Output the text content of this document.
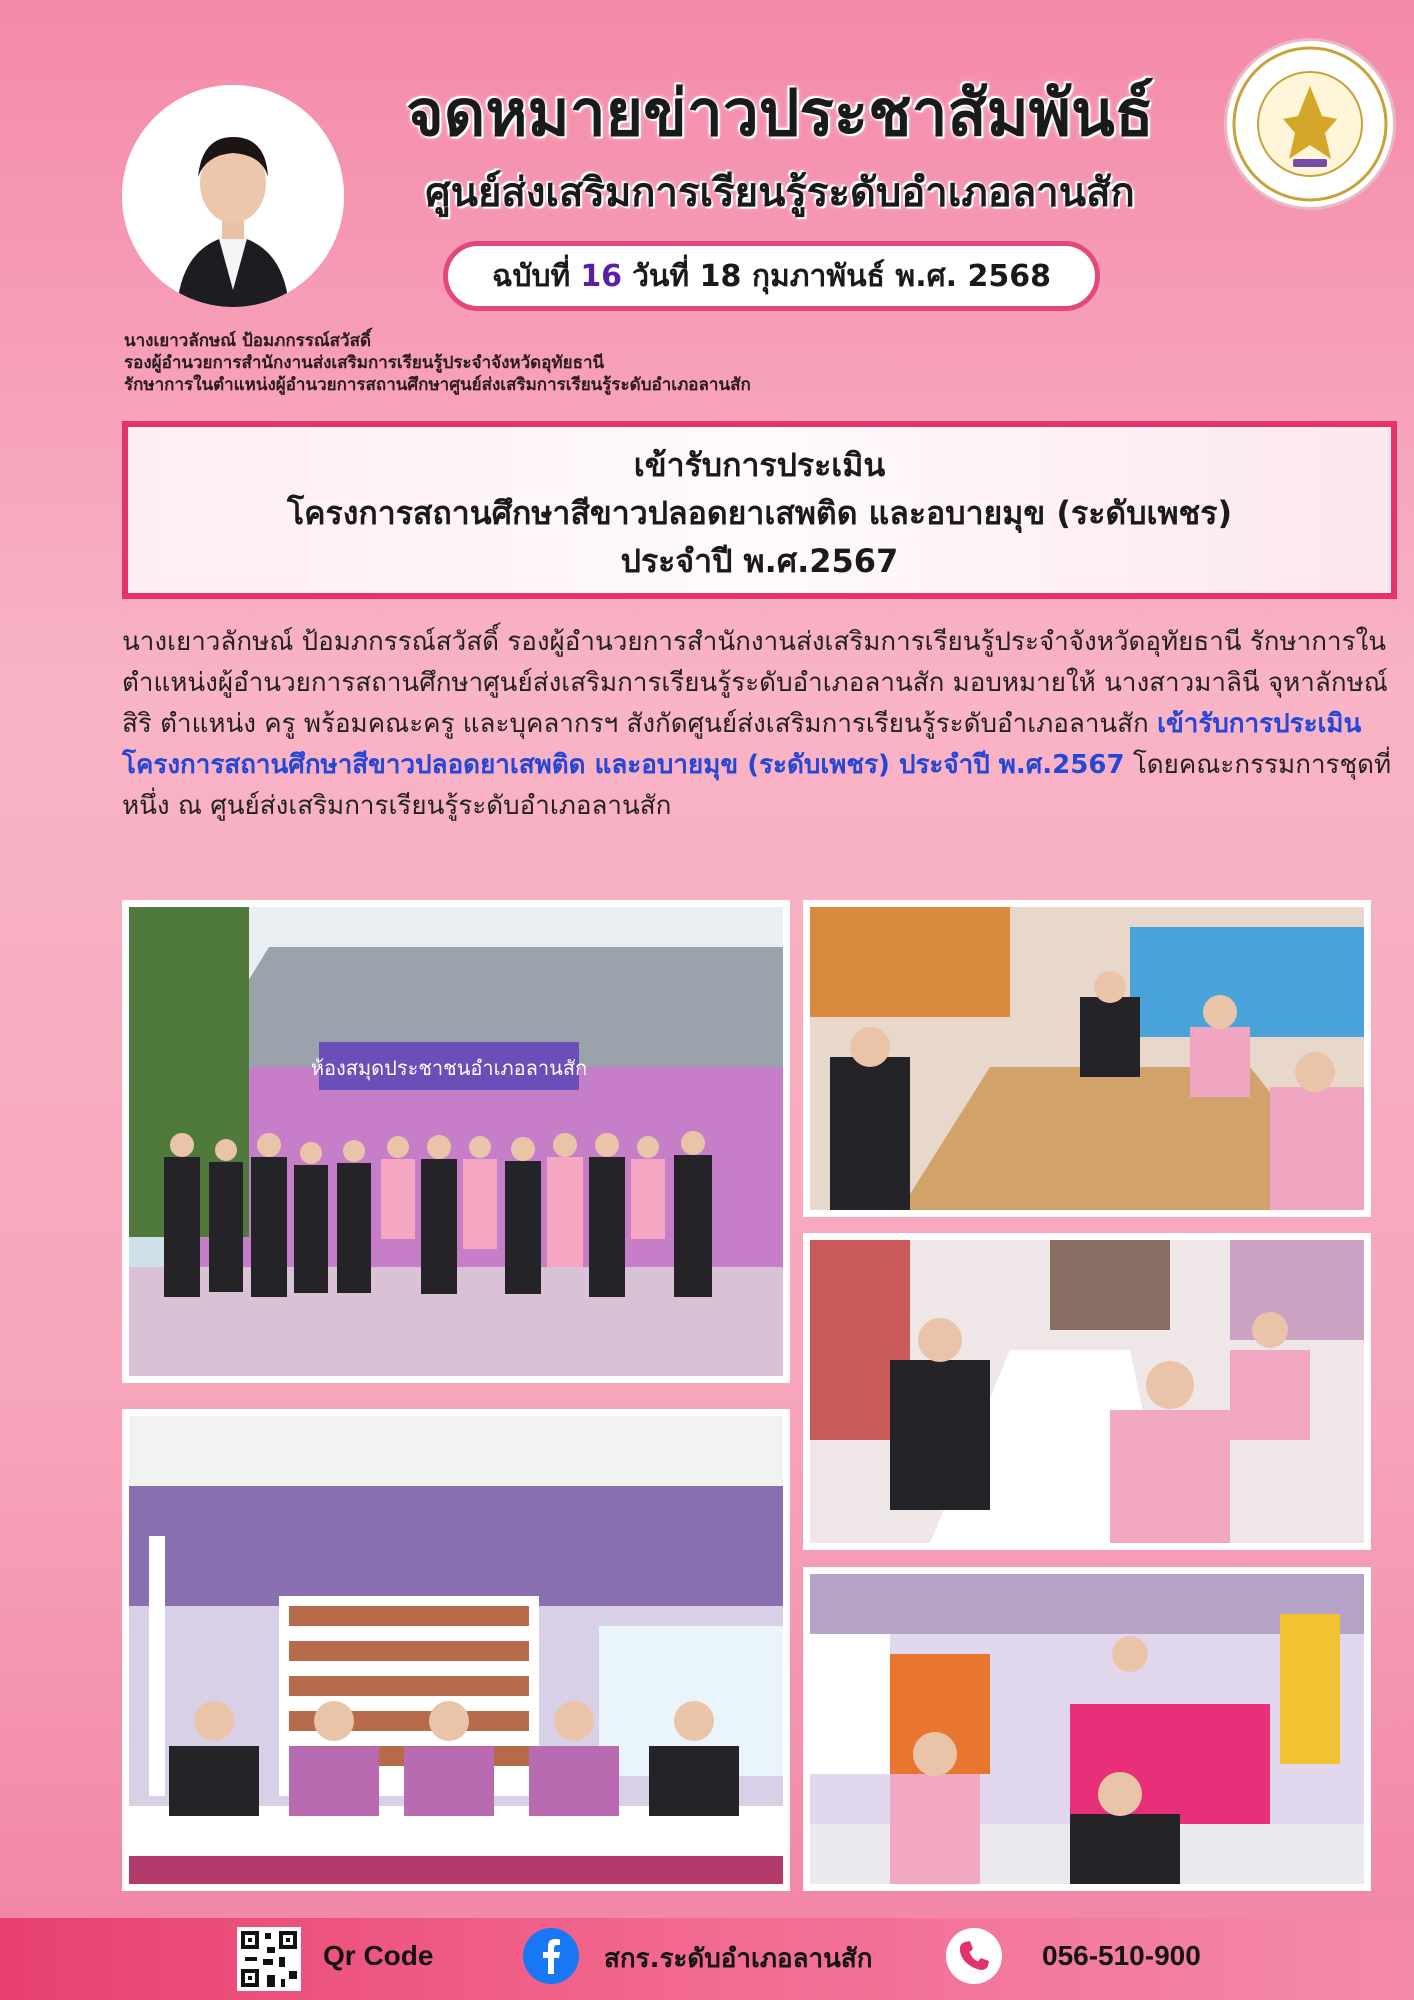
จดหมายข่าวประชาสัมพันธ์
ศูนย์ส่งเสริมการเรียนรู้ระดับอำเภอลานสัก
ฉบับที่ 16 วันที่ 18 กุมภาพันธ์ พ.ศ. 2568
นางเยาวลักษณ์ ป้อมภกรรณ์สวัสดิ์
รองผู้อำนวยการสำนักงานส่งเสริมการเรียนรู้ประจำจังหวัดอุทัยธานี
รักษาการในตำแหน่งผู้อำนวยการสถานศึกษาศูนย์ส่งเสริมการเรียนรู้ระดับอำเภอลานสัก
เข้ารับการประเมิน
โครงการสถานศึกษาสีขาวปลอดยาเสพติด และอบายมุข (ระดับเพชร)
ประจำปี พ.ศ.2567
นางเยาวลักษณ์ ป้อมภกรรณ์สวัสดิ์ รองผู้อำนวยการสำนักงานส่งเสริมการเรียนรู้ประจำจังหวัดอุทัยธานี รักษาการในตำแหน่งผู้อำนวยการสถานศึกษาศูนย์ส่งเสริมการเรียนรู้ระดับอำเภอลานสัก มอบหมายให้ นางสาวมาลินี จุหาลักษณ์สิริ ตำแหน่ง ครู พร้อมคณะครู และบุคลากรฯ สังกัดศูนย์ส่งเสริมการเรียนรู้ระดับอำเภอลานสัก เข้ารับการประเมินโครงการสถานศึกษาสีขาวปลอดยาเสพติด และอบายมุข (ระดับเพชร) ประจำปี พ.ศ.2567 โดยคณะกรรมการชุดที่หนึ่ง ณ ศูนย์ส่งเสริมการเรียนรู้ระดับอำเภอลานสัก
ห้องสมุดประชาชนอำเภอลานสัก
Qr Code	สกร.ระดับอำเภอลานสัก	056-510-900
